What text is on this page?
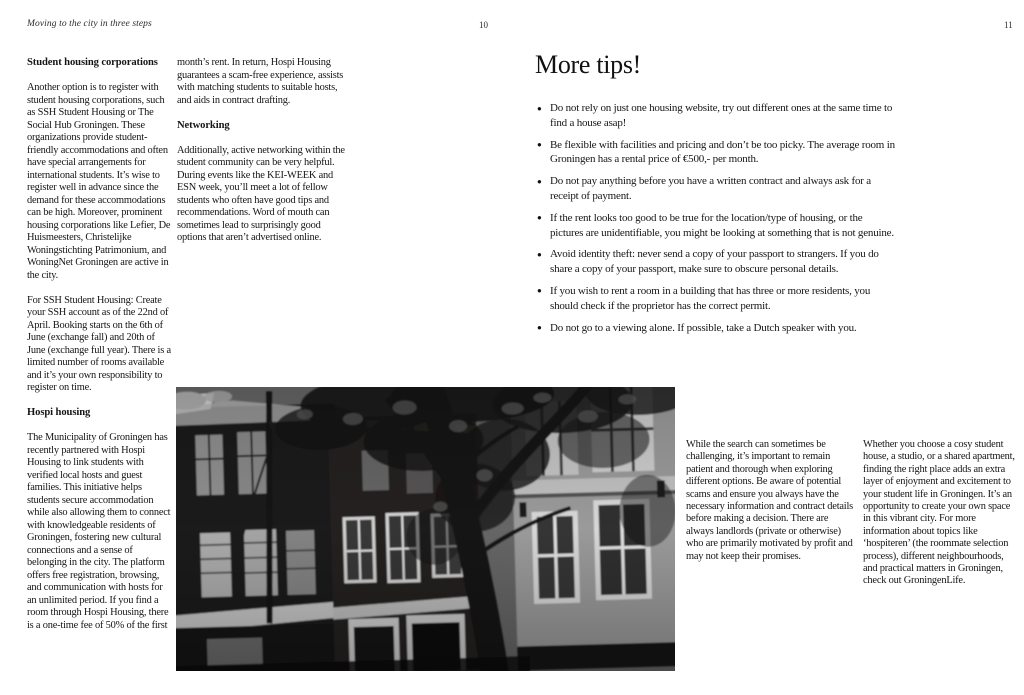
Moving to the city in three steps	10	11
Student housing corporations

Another option is to register with student housing corporations, such as SSH Student Housing or The Social Hub Groningen. These organizations provide student-friendly accommodations and often have special arrangements for international students. It’s wise to register well in advance since the demand for these accommodations can be high. Moreover, prominent housing corporations like Lefier, De Huismeesters, Christelijke Woningstichting Patrimonium, and WoningNet Groningen are active in the city.

For SSH Student Housing: Create your SSH account as of the 22nd of April. Booking starts on the 6th of June (exchange fall) and 20th of June (exchange full year). There is a limited number of rooms available and it’s your own responsibility to register on time.

Hospi housing

The Municipality of Groningen has recently partnered with Hospi Housing to link students with verified local hosts and guest families. This initiative helps students secure accommodation while also allowing them to connect with knowledgeable residents of Groningen, fostering new cultural connections and a sense of belonging in the city. The platform offers free registration, browsing, and communication with hosts for an unlimited period. If you find a room through Hospi Housing, there is a one-time fee of 50% of the first

month’s rent. In return, Hospi Housing guarantees a scam-free experience, assists with matching students to suitable hosts, and aids in contract drafting.

Networking

Additionally, active networking within the student community can be very helpful. During events like the KEI-WEEK and ESN week, you’ll meet a lot of fellow students who often have good tips and recommendations. Word of mouth can sometimes lead to surprisingly good options that aren’t advertised online.

More tips!
● Do not rely on just one housing website, try out different ones at the same time to find a house asap!
● Be flexible with facilities and pricing and don’t be too picky. The average room in Groningen has a rental price of €500,- per month.
● Do not pay anything before you have a written contract and always ask for a receipt of payment.
● If the rent looks too good to be true for the location/type of housing, or the pictures are unidentifiable, you might be looking at something that is not genuine.
● Avoid identity theft: never send a copy of your passport to strangers. If you do share a copy of your passport, make sure to obscure personal details.
● If you wish to rent a room in a building that has three or more residents, you should check if the proprietor has the correct permit.
● Do not go to a viewing alone. If possible, take a Dutch speaker with you.

While the search can sometimes be challenging, it’s important to remain patient and thorough when exploring different options. Be aware of potential scams and ensure you always have the necessary information and contract details before making a decision. There are always landlords (private or otherwise) who are primarily motivated by profit and may not keep their promises.

Whether you choose a cosy student house, a studio, or a shared apartment, finding the right place adds an extra layer of enjoyment and excitement to your student life in Groningen. It’s an opportunity to create your own space in this vibrant city. For more information about topics like ‘hospiteren’ (the roommate selection process), different neighbourhoods, and practical matters in Groningen, check out GroningenLife.
